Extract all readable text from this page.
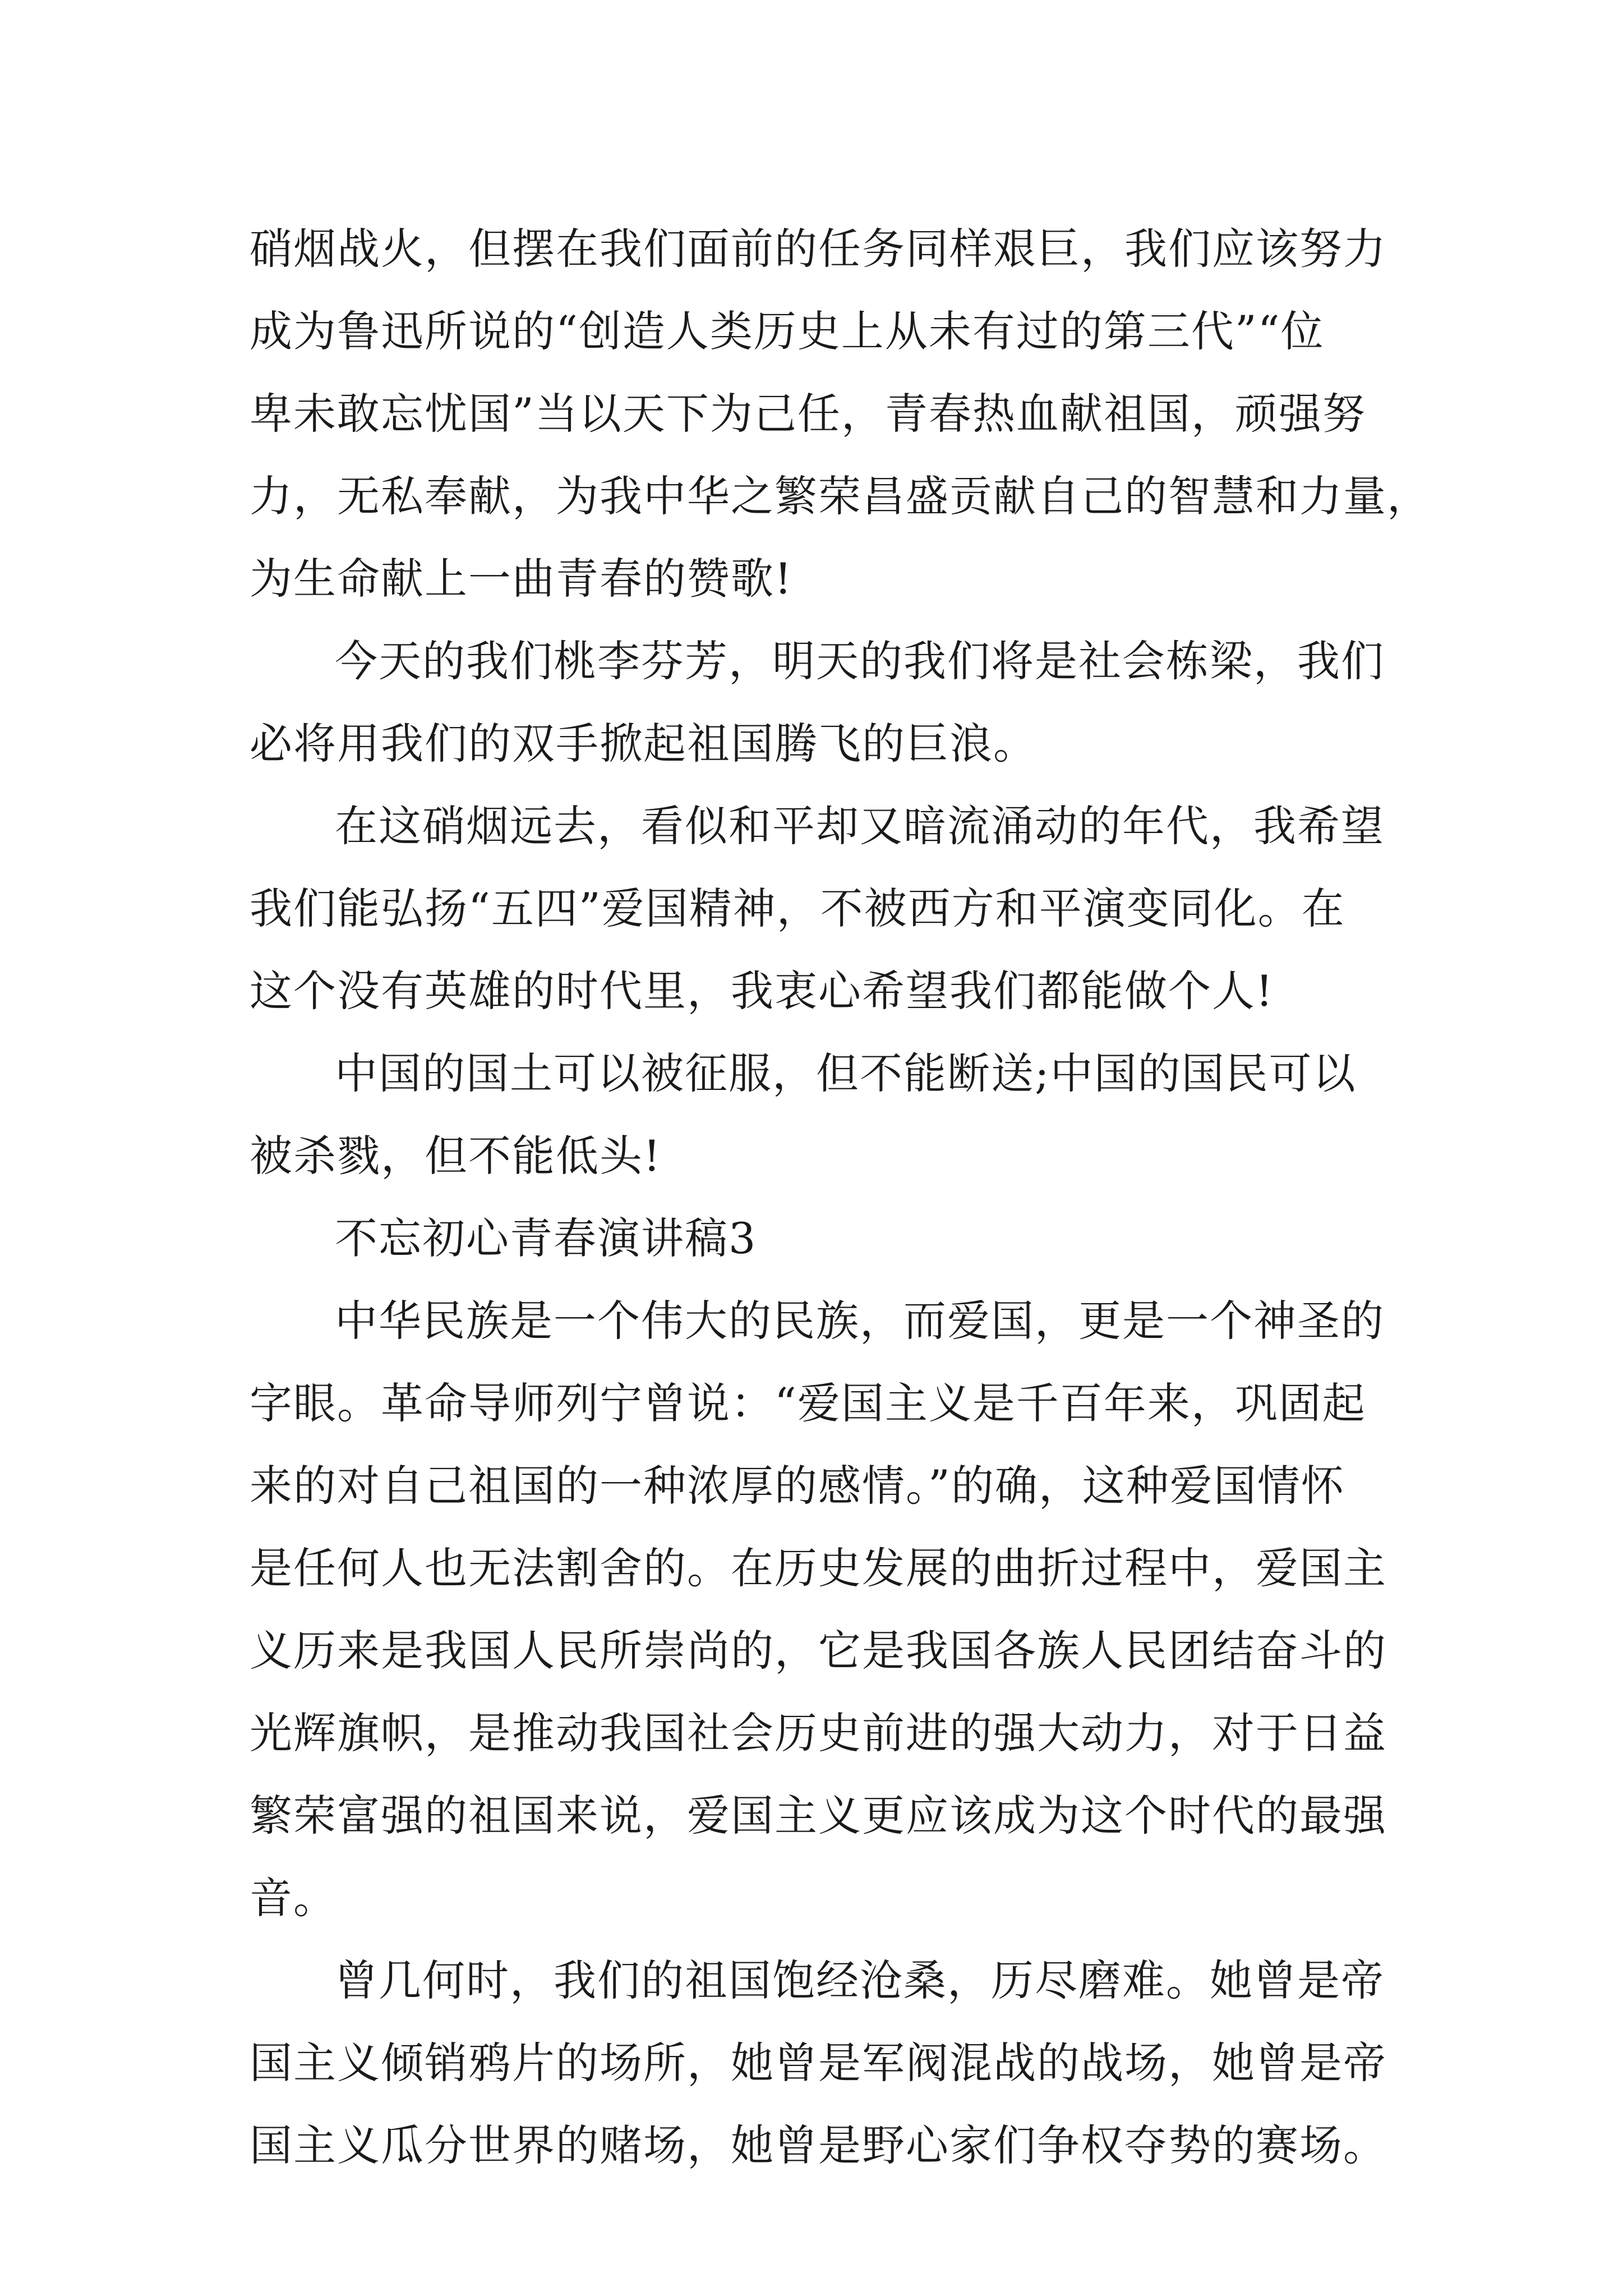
硝烟战火，但摆在我们面前的任务同样艰巨，我们应该努力
成为鲁迅所说的“创造人类历史上从未有过的第三代”“位
卑未敢忘忧国”当以天下为己任，青春热血献祖国，顽强努
力，无私奉献，为我中华之繁荣昌盛贡献自己的智慧和力量，
为生命献上一曲青春的赞歌!
今天的我们桃李芬芳，明天的我们将是社会栋梁，我们
必将用我们的双手掀起祖国腾飞的巨浪。
在这硝烟远去，看似和平却又暗流涌动的年代，我希望
我们能弘扬“五四”爱国精神，不被西方和平演变同化。在
这个没有英雄的时代里，我衷心希望我们都能做个人!
中国的国土可以被征服，但不能断送;中国的国民可以
被杀戮，但不能低头!
不忘初心青春演讲稿3
中华民族是一个伟大的民族，而爱国，更是一个神圣的
字眼。革命导师列宁曾说：“爱国主义是千百年来，巩固起
来的对自己祖国的一种浓厚的感情。”的确，这种爱国情怀
是任何人也无法割舍的。在历史发展的曲折过程中，爱国主
义历来是我国人民所崇尚的，它是我国各族人民团结奋斗的
光辉旗帜，是推动我国社会历史前进的强大动力，对于日益
繁荣富强的祖国来说，爱国主义更应该成为这个时代的最强
音。
曾几何时，我们的祖国饱经沧桑，历尽磨难。她曾是帝
国主义倾销鸦片的场所，她曾是军阀混战的战场，她曾是帝
国主义瓜分世界的赌场，她曾是野心家们争权夺势的赛场。
